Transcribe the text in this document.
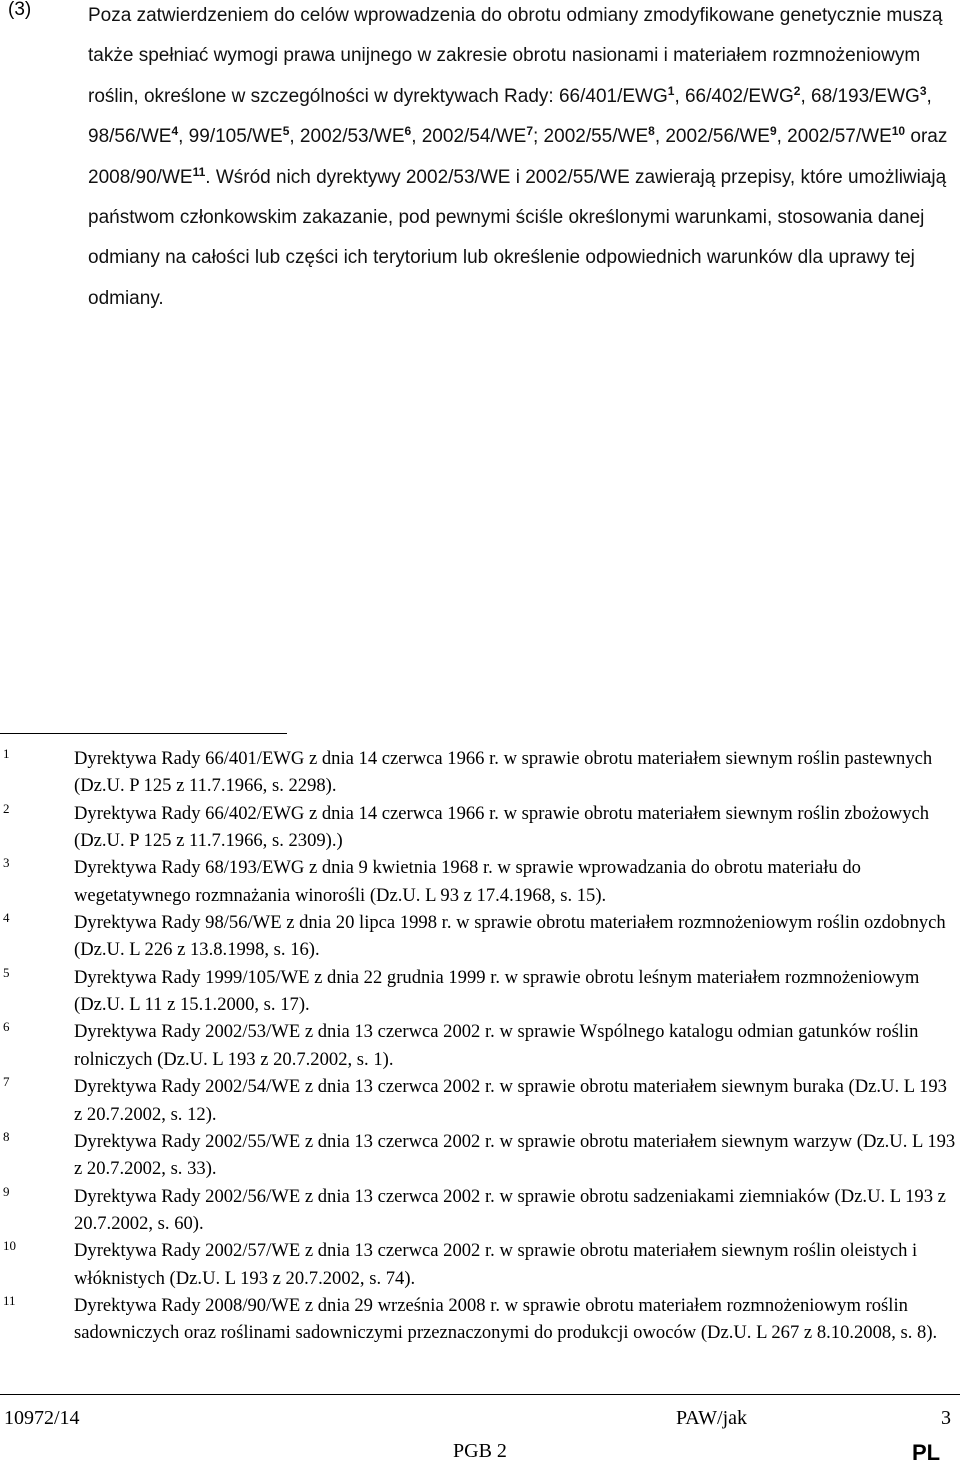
(3)	Poza zatwierdzeniem do celów wprowadzenia do obrotu odmiany zmodyfikowane genetycznie muszą także spełniać wymogi prawa unijnego w zakresie obrotu nasionami i materiałem rozmnożeniowym roślin, określone w szczególności w dyrektywach Rady: 66/401/EWG$^1$, 66/402/EWG$^2$, 68/193/EWG$^3$, $98/56/WE^4$, $99/105/WE^5$, $2002/53/WE^6$, $2002/54/WE^7$; $2002/55/WE^8$, $2002/56/WE^9$, 2002/57/WE$^{10}$ oraz 2008/90/WE$^{11}$. Wśród nich dyrektywy 2002/53/WE i 2002/55/WE zawierają przepisy, które umożliwiają państwom członkowskim zakazanie, pod pewnymi ściśle określonymi warunkami, stosowania danej odmiany na całości lub części ich terytorium lub określenie odpowiednich warunków dla uprawy tej odmiany.
1	Dyrektywa Rady 66/401/EWG z dnia 14 czerwca 1966 r. w sprawie obrotu materiałem siewnym roślin pastewnych (Dz.U. P 125 z 11.7.1966, s. 2298).
2	Dyrektywa Rady 66/402/EWG z dnia 14 czerwca 1966 r. w sprawie obrotu materiałem siewnym roślin zbożowych (Dz.U. P 125 z 11.7.1966, s. 2309).)
3	Dyrektywa Rady 68/193/EWG z dnia 9 kwietnia 1968 r. w sprawie wprowadzania do obrotu materiału do wegetatywnego rozmnażania winorośli (Dz.U. L 93 z 17.4.1968, s. 15).
4	Dyrektywa Rady 98/56/WE z dnia 20 lipca 1998 r. w sprawie obrotu materiałem rozmnożeniowym roślin ozdobnych (Dz.U. L 226 z 13.8.1998, s. 16).
5	Dyrektywa Rady 1999/105/WE z dnia 22 grudnia 1999 r. w sprawie obrotu leśnym materiałem rozmnożeniowym (Dz.U. L 11 z 15.1.2000, s. 17).
6	Dyrektywa Rady 2002/53/WE z dnia 13 czerwca 2002 r. w sprawie Wspólnego katalogu odmian gatunków roślin rolniczych (Dz.U. L 193 z 20.7.2002, s. 1).
7	Dyrektywa Rady 2002/54/WE z dnia 13 czerwca 2002 r. w sprawie obrotu materiałem siewnym buraka (Dz.U. L 193 z 20.7.2002, s. 12).
8	Dyrektywa Rady 2002/55/WE z dnia 13 czerwca 2002 r. w sprawie obrotu materiałem siewnym warzyw (Dz.U. L 193 z 20.7.2002, s. 33).
9	Dyrektywa Rady 2002/56/WE z dnia 13 czerwca 2002 r. w sprawie obrotu sadzeniakami ziemniaków (Dz.U. L 193 z 20.7.2002, s. 60).
10	Dyrektywa Rady 2002/57/WE z dnia 13 czerwca 2002 r. w sprawie obrotu materiałem siewnym roślin oleistych i włóknistych (Dz.U. L 193 z 20.7.2002, s. 74).
11	Dyrektywa Rady 2008/90/WE z dnia 29 września 2008 r. w sprawie obrotu materiałem rozmnożeniowym roślin sadowniczych oraz roślinami sadowniczymi przeznaczonymi do produkcji owoców (Dz.U. L 267 z 8.10.2008, s. 8).
10972/14	PAW/jak	3
PGB 2	PL
